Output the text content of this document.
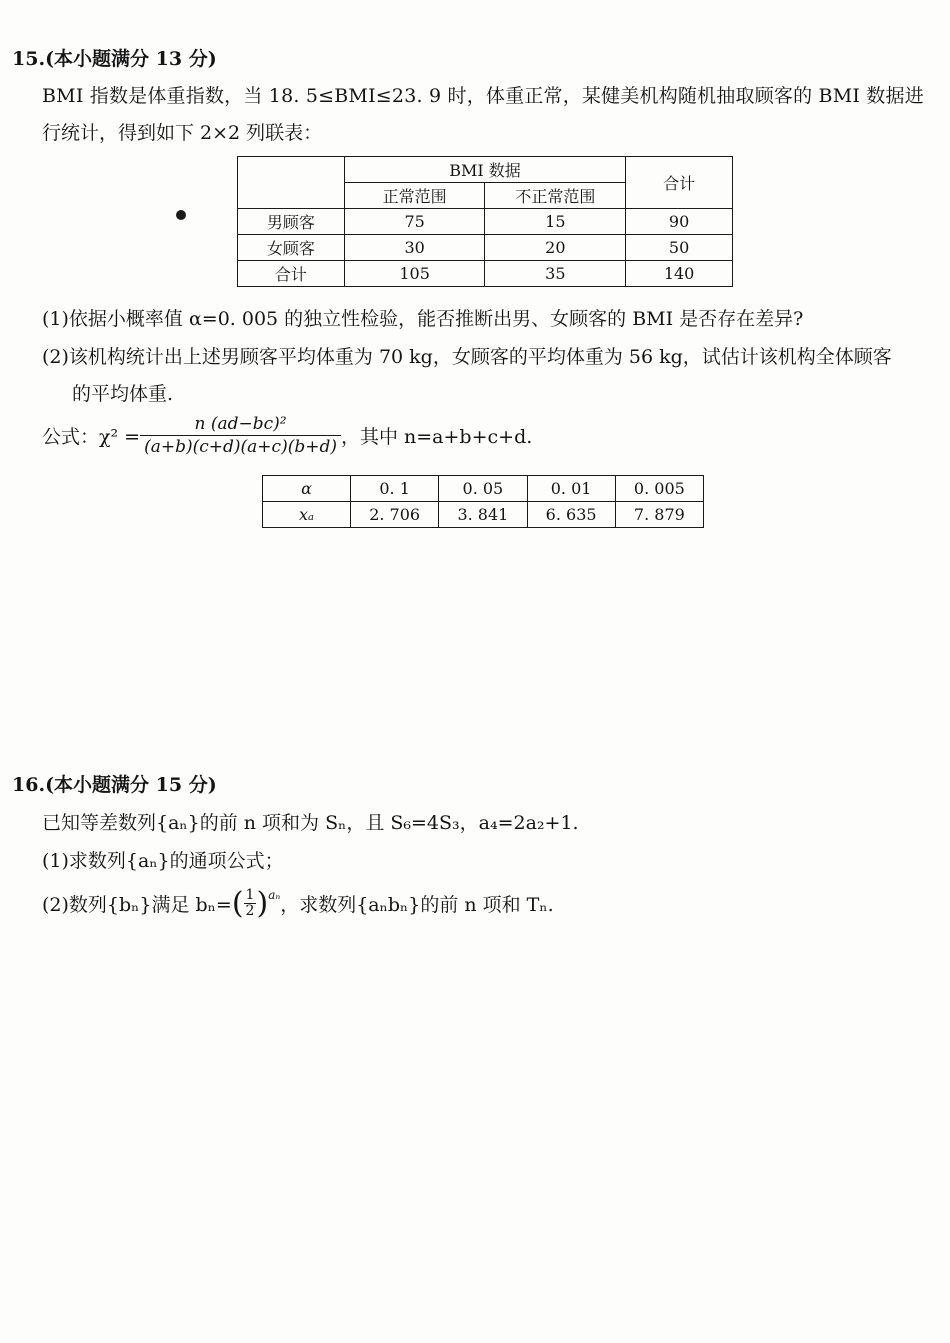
15.(本小题满分 13 分)
BMI 指数是体重指数，当 18. 5≤BMI≤23. 9 时，体重正常，某健美机构随机抽取顾客的 BMI 数据进
行统计，得到如下 2×2 列联表：
	BMI 数据		合计
	正常范围	不正常范围	
男顾客	75	15	90
女顾客	30	20	50
合计	105	35	140
(1)依据小概率值 α=0. 005 的独立性检验，能否推断出男、女顾客的 BMI 是否存在差异?
(2)该机构统计出上述男顾客平均体重为 70 kg，女顾客的平均体重为 56 kg，试估计该机构全体顾客
的平均体重.
公式：$\chi^2 = \frac{\text{n (ad−bc)²}}{(a+b)(c+d)(a+c)(b+d)}$ ，其中 n=a+b+c+d.
α	0. 1	0. 05	0. 01	0. 005
xₐ	2. 706	3. 841	6. 635	7. 879
16.(本小题满分 15 分)
已知等差数列{aₙ}的前 n 项和为 Sₙ，且 S₆=4S₃，a₄=2a₂+1.
(1)求数列{aₙ}的通项公式；
(2)数列{bₙ}满足 bₙ= ( $\frac{1}{2}$ ) aₙ ，求数列{aₙbₙ}的前 n 项和 Tₙ.
